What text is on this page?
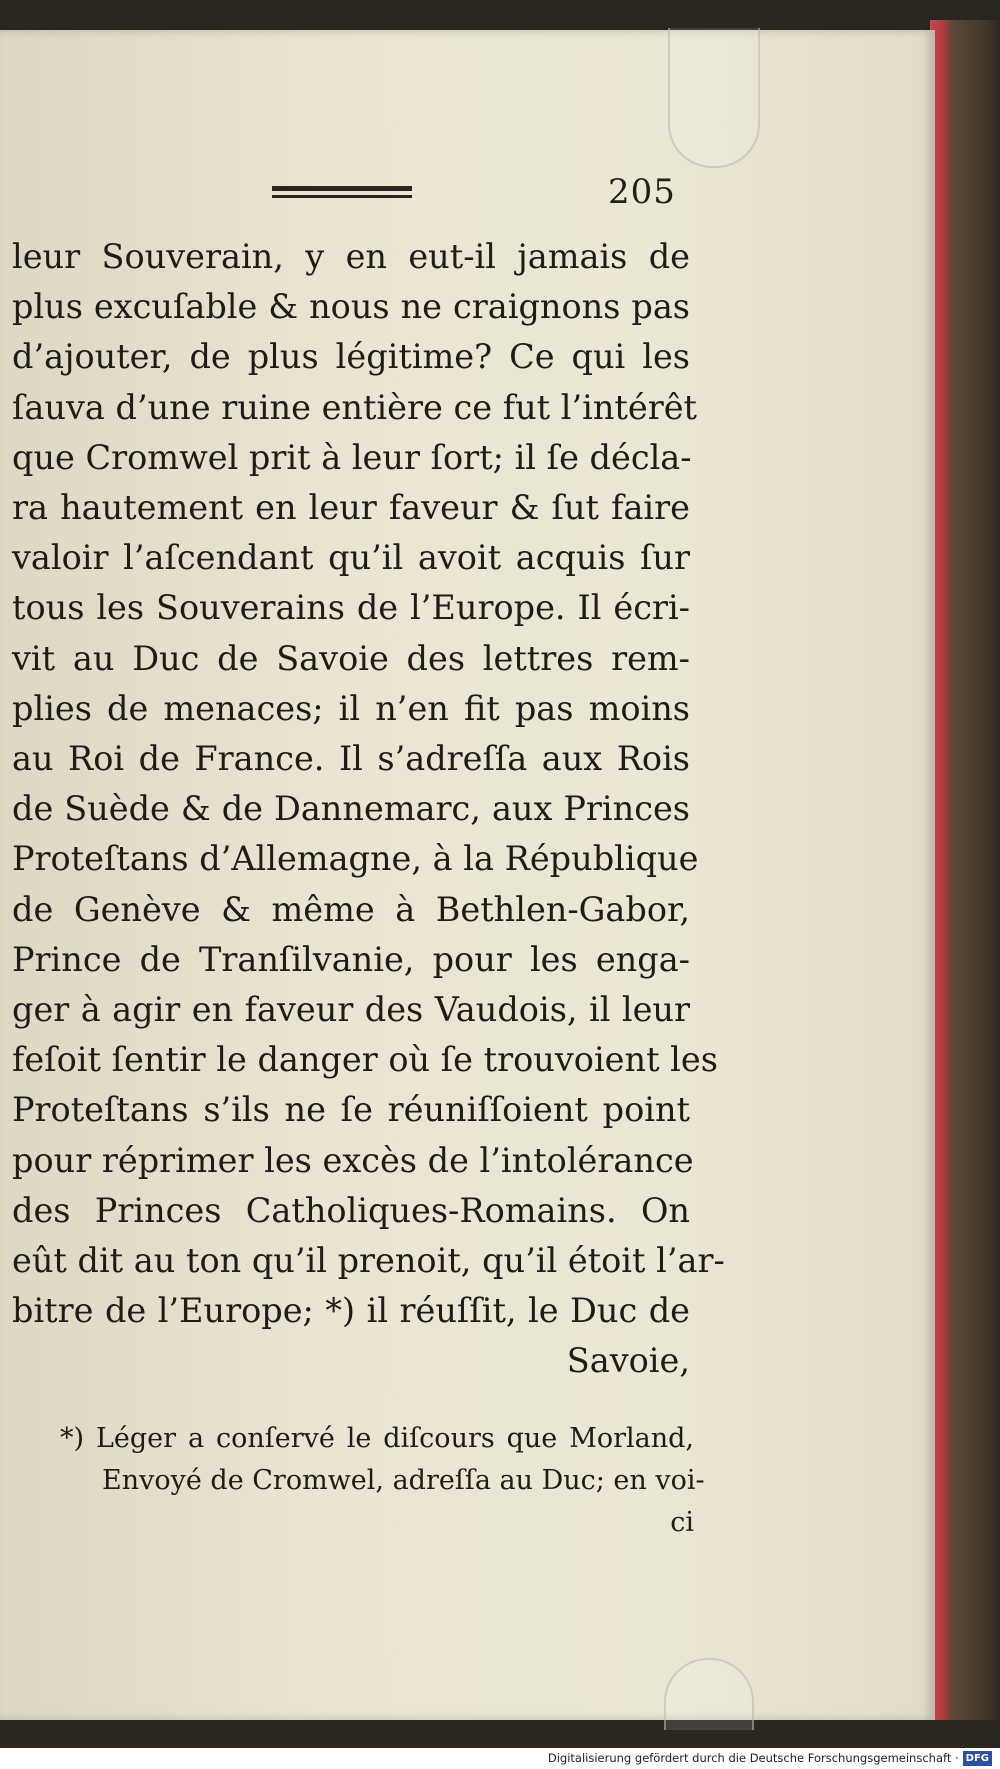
205
leur Souverain, y en eut-il jamais de
plus excuſable & nous ne craignons pas
d’ajouter, de plus légitime? Ce qui les
ſauva d’une ruine entière ce fut l’intérêt
que Cromwel prit à leur ſort; il ſe décla-
ra hautement en leur faveur & ſut faire
valoir l’aſcendant qu’il avoit acquis ſur
tous les Souverains de l’Europe. Il écri-
vit au Duc de Savoie des lettres rem-
plies de menaces; il n’en fit pas moins
au Roi de France. Il s’adreſſa aux Rois
de Suède & de Dannemarc, aux Princes
Proteſtans d’Allemagne, à la République
de Genève & même à Bethlen-Gabor,
Prince de Tranſilvanie, pour les enga-
ger à agir en faveur des Vaudois, il leur
feſoit ſentir le danger où ſe trouvoient les
Proteſtans s’ils ne ſe réuniſſoient point
pour réprimer les excès de l’intolérance
des Princes Catholiques-Romains. On
eût dit au ton qu’il prenoit, qu’il étoit l’ar-
bitre de l’Europe; *) il réuſſit, le Duc de
Savoie,
*) Léger a conſervé le diſcours que Morland,
Envoyé de Cromwel, adreſſa au Duc; en voi-
ci
Digitalisierung gefördert durch die Deutsche Forschungsgemeinschaft · DFG
